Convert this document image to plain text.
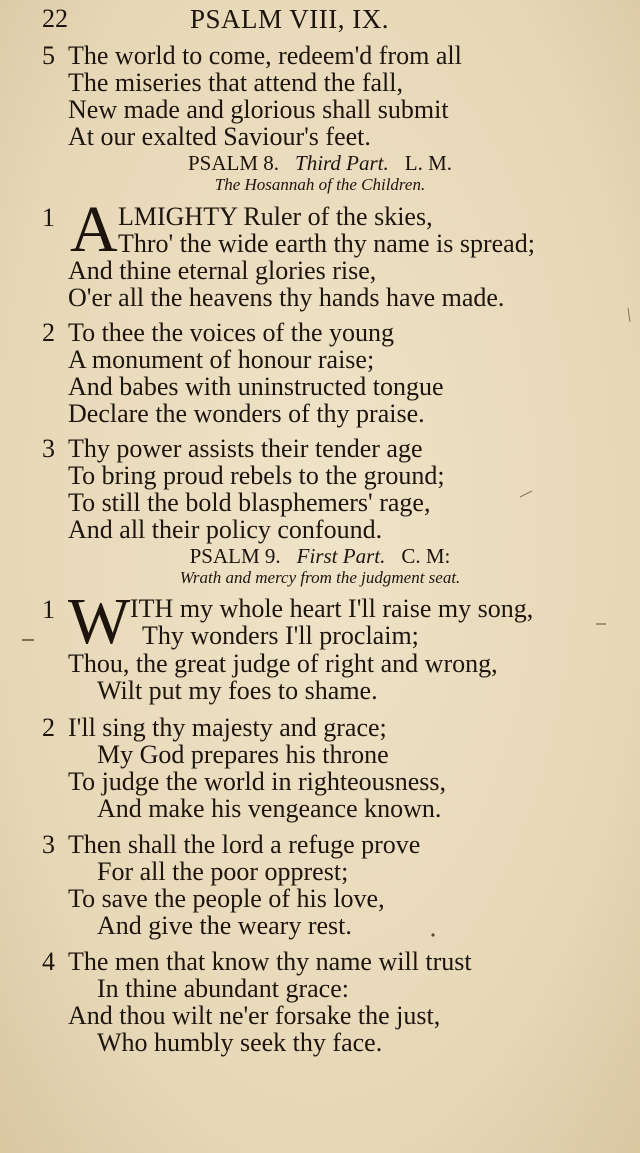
22	PSALM VIII, IX.
5 The world to come, redeem'd from all
The miseries that attend the fall,
New made and glorious shall submit
At our exalted Saviour's feet.
PSALM 8. Third Part. L. M.
The Hosannah of the Children.
1 A LMIGHTY Ruler of the skies,
Thro' the wide earth thy name is spread;
And thine eternal glories rise,
O'er all the heavens thy hands have made.
2 To thee the voices of the young
A monument of honour raise;
And babes with uninstructed tongue
Declare the wonders of thy praise.
3 Thy power assists their tender age
To bring proud rebels to the ground;
To still the bold blasphemers' rage,
And all their policy confound.
PSALM 9. First Part. C. M:
Wrath and mercy from the judgment seat.
1 W ITH my whole heart I'll raise my song,
Thy wonders I'll proclaim;
Thou, the great judge of right and wrong,
Wilt put my foes to shame.
2 I'll sing thy majesty and grace;
My God prepares his throne
To judge the world in righteousness,
And make his vengeance known.
3 Then shall the lord a refuge prove
For all the poor opprest;
To save the people of his love,
And give the weary rest.
4 The men that know thy name will trust
In thine abundant grace:
And thou wilt ne'er forsake the just,
Who humbly seek thy face.
